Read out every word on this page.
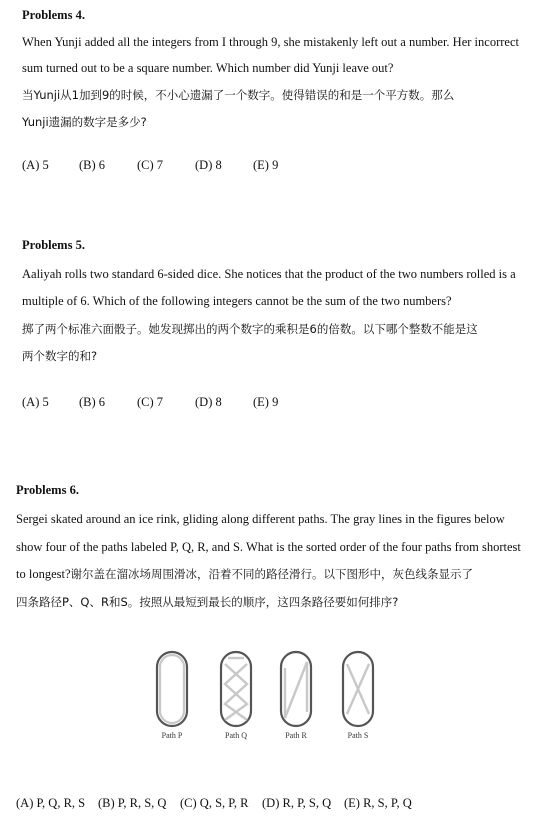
Problems 4.
When Yunji added all the integers from I through 9, she mistakenly left out a number. Her incorrect
sum turned out to be a square number. Which number did Yunji leave out?
当Yunji从1加到9的时候，不小心遗漏了一个数字。使得错误的和是一个平方数。那么
Yunji遗漏的数字是多少?
(A) 5 (B) 6	(C) 7	(D) 8	(E) 9
Problems 5.
Aaliyah rolls two standard 6-sided dice. She notices that the product of the two numbers rolled is a
multiple of 6. Which of the following integers cannot be the sum of the two numbers?
掷了两个标准六面骰子。她发现掷出的两个数字的乘积是6的倍数。以下哪个整数不能是这
两个数字的和?
(A) 5 (B) 6	(C) 7	(D) 8	(E) 9
Problems 6.
Sergei skated around an ice rink, gliding along different paths. The gray lines in the figures below
show four of the paths labeled P, Q, R, and S. What is the sorted order of the four paths from shortest
to longest?谢尔盖在溜冰场周围滑冰，沿着不同的路径滑行。以下图形中，灰色线条显示了
四条路径P、Q、R和S。按照从最短到最长的顺序，这四条路径要如何排序?
Path P	Path Q	Path R	Path S
(A) P, Q, R, S (B) P, R, S, Q (C) Q, S, P, R (D) R, P, S, Q (E) R, S, P, Q
